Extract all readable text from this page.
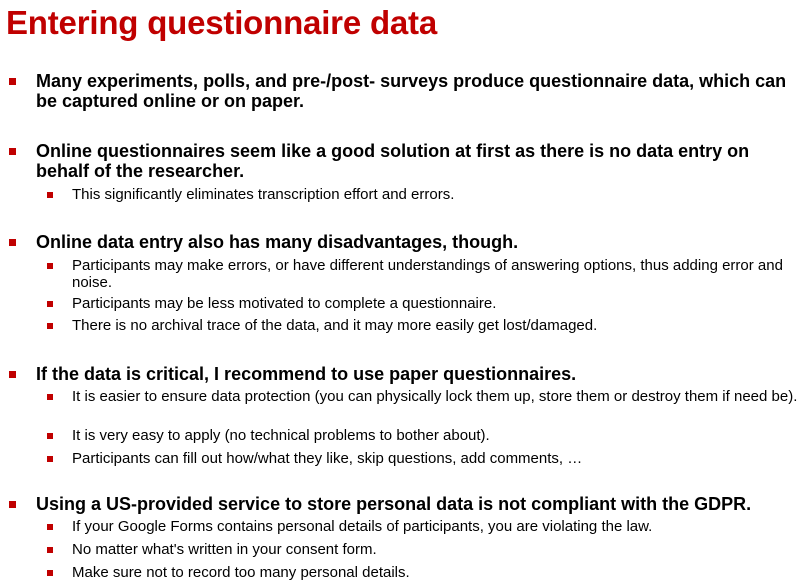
Entering questionnaire data
Many experiments, polls, and pre-/post- surveys produce questionnaire data, which can be captured online or on paper.
Online questionnaires seem like a good solution at first as there is no data entry on behalf of the researcher.
This significantly eliminates transcription effort and errors.
Online data entry also has many disadvantages, though.
Participants may make errors, or have different understandings of answering options, thus adding error and noise.
Participants may be less motivated to complete a questionnaire.
There is no archival trace of the data, and it may more easily get lost/damaged.
If the data is critical, I recommend to use paper questionnaires.
It is easier to ensure data protection (you can physically lock them up, store them or destroy them if need be).
It is very easy to apply (no technical problems to bother about).
Participants can fill out how/what they like, skip questions, add comments, …
Using a US-provided service to store personal data is not compliant with the GDPR.
If your Google Forms contains personal details of participants, you are violating the law.
No matter what's written in your consent form.
Make sure not to record too many personal details.
